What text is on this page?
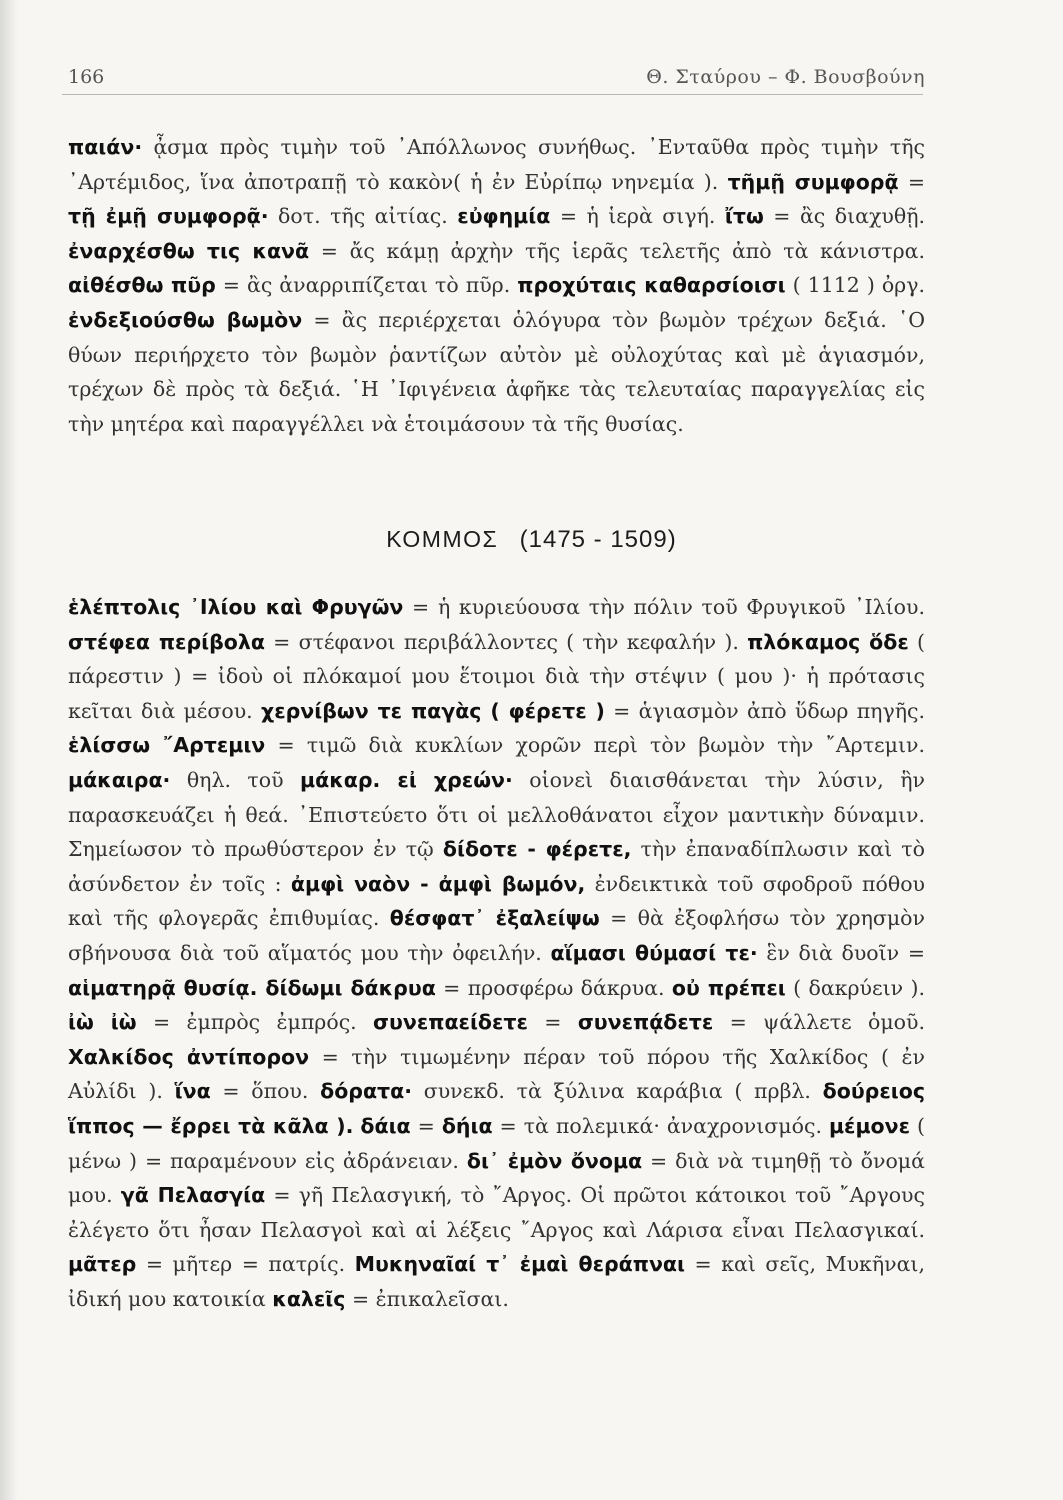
166	Θ. Σταύρου – Φ. Βουσβούνη

παιάν· ᾆσμα πρὸς τιμὴν τοῦ ᾿Απόλλωνος συνήθως. ᾿Ενταῦθα πρὸς τιμὴν τῆς ᾿Αρτέμιδος, ἵνα ἀποτραπῇ τὸ κακὸν( ἡ ἐν Εὐρίπῳ νηνεμία ). τῆμῇ συμφορᾷ = τῇ ἐμῇ συμφορᾷ· δοτ. τῆς αἰτίας. εὐφημία = ἡ ἱερὰ σιγή. ἴτω = ἂς διαχυθῇ. ἐναρχέσθω τις κανᾶ = ἄς κάμῃ ἀρχὴν τῆς ἱερᾶς τελετῆς ἀπὸ τὰ κάνιστρα. αἰθέσθω πῦρ = ἂς ἀναρριπίζεται τὸ πῦρ. προχύταις καθαρσίοισι ( 1112 ) ὀργ. ἐνδεξιούσθω βωμὸν = ἂς περιέρχεται ὁλόγυρα τὸν βωμὸν τρέχων δεξιά. ῾Ο θύων περιήρχετο τὸν βωμὸν ῥαντίζων αὐτὸν μὲ οὐλοχύτας καὶ μὲ ἁγιασμόν, τρέχων δὲ πρὸς τὰ δεξιά. ῾Η ᾿Ιφιγένεια ἀφῆκε τὰς τελευταίας παραγγελίας εἰς τὴν μητέρα καὶ παραγγέλλει νὰ ἑτοιμάσουν τὰ τῆς θυσίας.

ΚΟΜΜΟΣ (1475 - 1509)

ἑλέπτολις ᾿Ιλίου καὶ Φρυγῶν = ἡ κυριεύουσα τὴν πόλιν τοῦ Φρυγικοῦ ᾿Ιλίου. στέφεα περίβολα = στέφανοι περιβάλλοντες ( τὴν κεφαλήν ). πλόκαμος ὅδε ( πάρεστιν ) = ἰδοὺ οἱ πλόκαμοί μου ἕτοιμοι διὰ τὴν στέψιν ( μου )· ἡ πρότασις κεῖται διὰ μέσου. χερνίβων τε παγὰς ( φέρετε ) = ἁγιασμὸν ἀπὸ ὕδωρ πηγῆς. ἑλίσσω ῎Αρτεμιν = τιμῶ διὰ κυκλίων χορῶν περὶ τὸν βωμὸν τὴν ῎Αρτεμιν. μάκαιρα· θηλ. τοῦ μάκαρ. εἰ χρεών· οἱονεὶ διαισθάνεται τὴν λύσιν, ἣν παρασκευάζει ἡ θεά. ᾿Επιστεύετο ὅτι οἱ μελλοθάνατοι εἶχον μαντικὴν δύναμιν. Σημείωσον τὸ πρωθύστερον ἐν τῷ δίδοτε - φέρετε, τὴν ἐπαναδίπλωσιν καὶ τὸ ἀσύνδετον ἐν τοῖς : ἀμφὶ ναὸν - ἀμφὶ βωμόν, ἐνδεικτικὰ τοῦ σφοδροῦ πόθου καὶ τῆς φλογερᾶς ἐπιθυμίας. θέσφατ᾿ ἐξαλείψω = θὰ ἐξοφλήσω τὸν χρησμὸν σβήνουσα διὰ τοῦ αἵματός μου τὴν ὀφειλήν. αἵμασι θύμασί τε· ἓν διὰ δυοῖν = αἱματηρᾷ θυσίᾳ. δίδωμι δάκρυα = προσφέρω δάκρυα. οὐ πρέπει ( δακρύειν ). ἰὼ ἰὼ = ἐμπρὸς ἐμπρός. συνεπαείδετε = συνεπᾴδετε = ψάλλετε ὁμοῦ. Χαλκίδος ἀντίπορον = τὴν τιμωμένην πέραν τοῦ πόρου τῆς Χαλκίδος ( ἐν Αὐλίδι ). ἵνα = ὅπου. δόρατα· συνεκδ. τὰ ξύλινα καράβια ( πρβλ. δούρειος ἵππος — ἔρρει τὰ κᾶλα ). δάια = δήια = τὰ πολεμικά· ἀναχρονισμός. μέμονε ( μένω ) = παραμένουν εἰς ἀδράνειαν. δι᾿ ἐμὸν ὄνομα = διὰ νὰ τιμηθῇ τὸ ὄνομά μου. γᾶ Πελασγία = γῆ Πελασγική, τὸ ῎Αργος. Οἱ πρῶτοι κάτοικοι τοῦ ῎Αργους ἐλέγετο ὅτι ἦσαν Πελασγοὶ καὶ αἱ λέξεις ῎Αργος καὶ Λάρισα εἶναι Πελασγικαί. μᾶτερ = μῆτερ = πατρίς. Μυκηναῖαί τ᾿ ἐμαὶ θεράπναι = καὶ σεῖς, Μυκῆναι, ἰδική μου κατοικία καλεῖς = ἐπικαλεῖσαι.
